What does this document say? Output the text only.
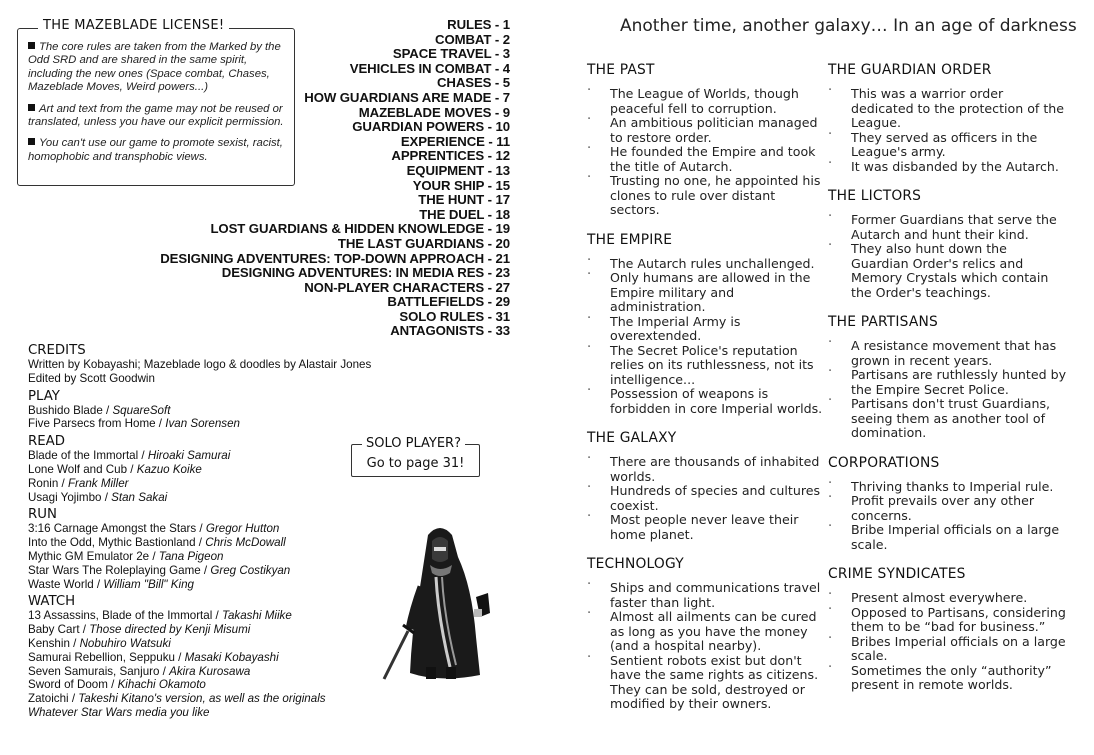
THE MAZEBLADE LICENSE!

The core rules are taken from the Marked by the Odd SRD and are shared in the same spirit, including the new ones (Space combat, Chases, Mazeblade Moves, Weird powers...)

Art and text from the game may not be reused or translated, unless you have our explicit permission.

You can't use our game to promote sexist, racist, homophobic and transphobic views.

RULES - 1
COMBAT - 2
SPACE TRAVEL - 3
VEHICLES IN COMBAT - 4
CHASES - 5
HOW GUARDIANS ARE MADE - 7
MAZEBLADE MOVES - 9
GUARDIAN POWERS - 10
EXPERIENCE - 11
APPRENTICES - 12
EQUIPMENT - 13
YOUR SHIP - 15
THE HUNT - 17
THE DUEL - 18
LOST GUARDIANS & HIDDEN KNOWLEDGE - 19
THE LAST GUARDIANS - 20
DESIGNING ADVENTURES: TOP-DOWN APPROACH - 21
DESIGNING ADVENTURES: IN MEDIA RES - 23
NON-PLAYER CHARACTERS - 27
BATTLEFIELDS - 29
SOLO RULES - 31
ANTAGONISTS - 33
CREDITS
Written by Kobayashi; Mazeblade logo & doodles by Alastair Jones
Edited by Scott Goodwin
PLAY
Bushido Blade / SquareSoft
Five Parsecs from Home / Ivan Sorensen
READ
Blade of the Immortal / Hiroaki Samurai
Lone Wolf and Cub / Kazuo Koike
Ronin / Frank Miller
Usagi Yojimbo / Stan Sakai
RUN
3:16 Carnage Amongst the Stars / Gregor Hutton
Into the Odd, Mythic Bastionland / Chris McDowall
Mythic GM Emulator 2e / Tana Pigeon
Star Wars The Roleplaying Game / Greg Costikyan
Waste World / William "Bill" King
WATCH
13 Assassins, Blade of the Immortal / Takashi Miike
Baby Cart / Those directed by Kenji Misumi
Kenshin / Nobuhiro Watsuki
Samurai Rebellion, Seppuku / Masaki Kobayashi
Seven Samurais, Sanjuro / Akira Kurosawa
Sword of Doom / Kihachi Okamoto
Zatoichi / Takeshi Kitano's version, as well as the originals
Whatever Star Wars media you like
SOLO PLAYER?
Go to page 31!
Another time, another galaxy… In an age of darkness
THE PAST
· The League of Worlds, though peaceful fell to corruption.
· An ambitious politician managed to restore order.
· He founded the Empire and took the title of Autarch.
· Trusting no one, he appointed his clones to rule over distant sectors.
THE EMPIRE
· The Autarch rules unchallenged.
· Only humans are allowed in the Empire military and administration.
· The Imperial Army is overextended.
· The Secret Police's reputation relies on its ruthlessness, not its intelligence...
· Possession of weapons is forbidden in core Imperial worlds.
THE GALAXY
· There are thousands of inhabited worlds.
· Hundreds of species and cultures coexist.
· Most people never leave their home planet.
TECHNOLOGY
· Ships and communications travel faster than light.
· Almost all ailments can be cured as long as you have the money (and a hospital nearby).
· Sentient robots exist but don't have the same rights as citizens. They can be sold, destroyed or modified by their owners.
THE GUARDIAN ORDER
· This was a warrior order dedicated to the protection of the League.
· They served as officers in the League's army.
· It was disbanded by the Autarch.
THE LICTORS
· Former Guardians that serve the Autarch and hunt their kind.
· They also hunt down the Guardian Order's relics and Memory Crystals which contain the Order's teachings.
THE PARTISANS
· A resistance movement that has grown in recent years.
· Partisans are ruthlessly hunted by the Empire Secret Police.
· Partisans don't trust Guardians, seeing them as another tool of domination.
CORPORATIONS
· Thriving thanks to Imperial rule.
· Profit prevails over any other concerns.
· Bribe Imperial officials on a large scale.
CRIME SYNDICATES
· Present almost everywhere.
· Opposed to Partisans, considering them to be “bad for business.”
· Bribes Imperial officials on a large scale.
· Sometimes the only “authority” present in remote worlds.
